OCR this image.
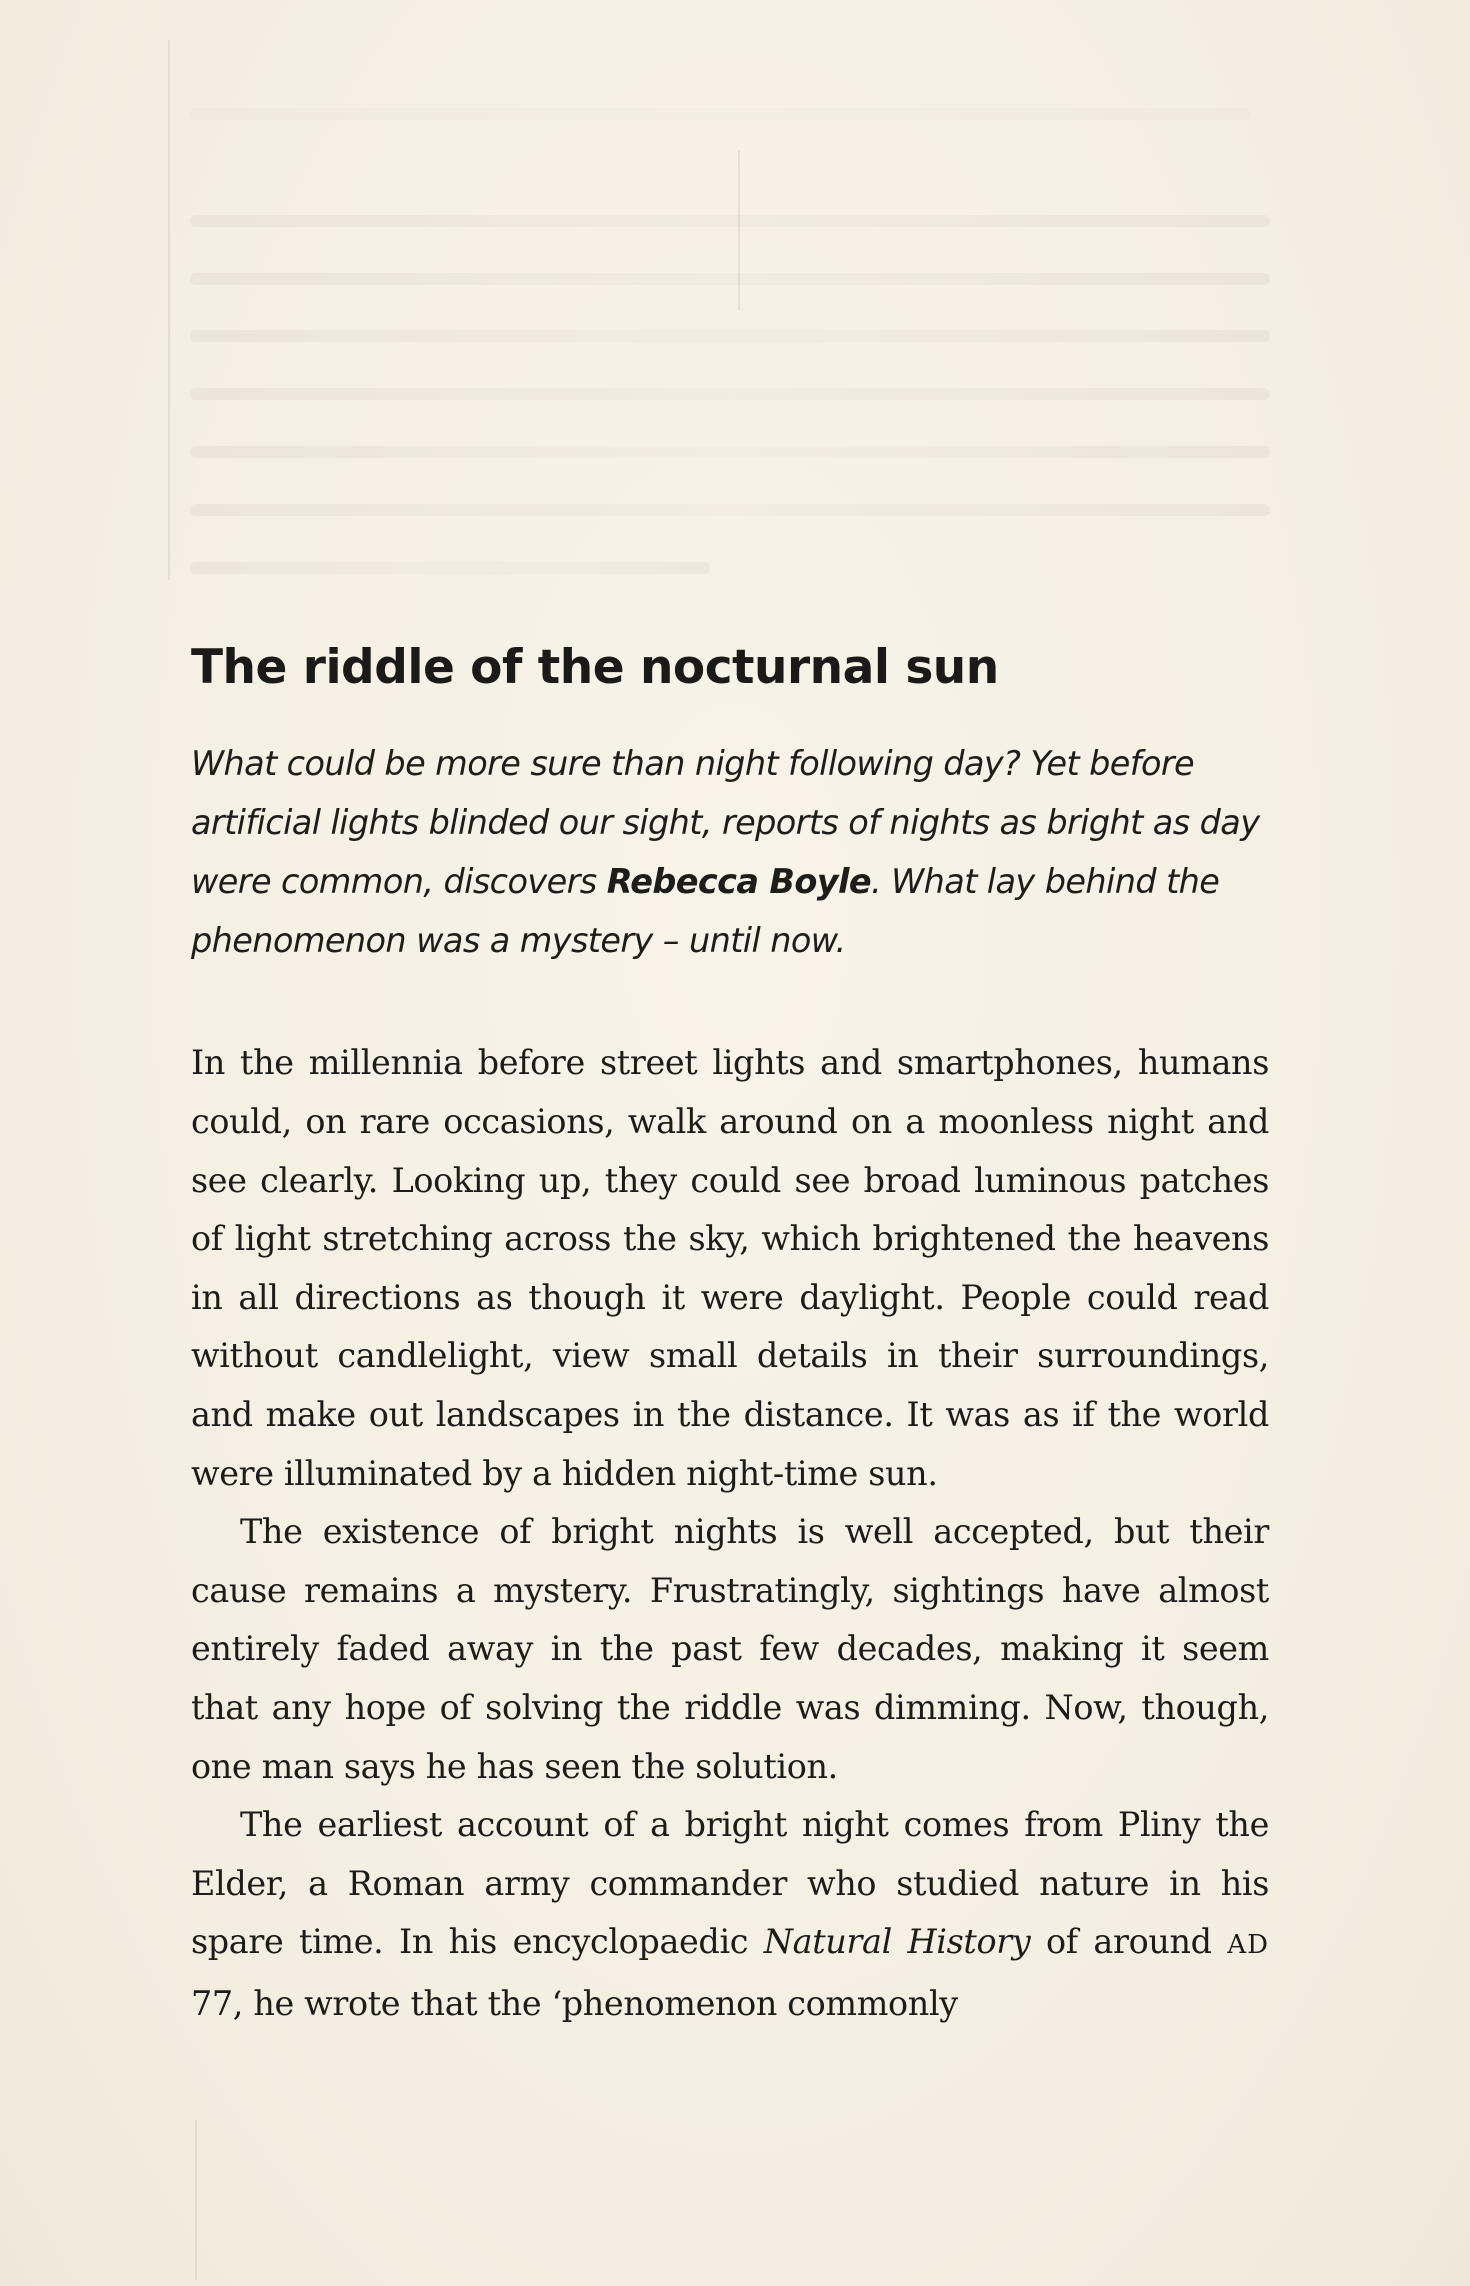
The riddle of the nocturnal sun

What could be more sure than night following day? Yet before artificial lights blinded our sight, reports of nights as bright as day were common, discovers Rebecca Boyle. What lay behind the phenomenon was a mystery – until now.

In the millennia before street lights and smartphones, humans could, on rare occasions, walk around on a moonless night and see clearly. Looking up, they could see broad luminous patches of light stretching across the sky, which brightened the heavens in all directions as though it were daylight. People could read without candlelight, view small details in their surroundings, and make out landscapes in the distance. It was as if the world were illuminated by a hidden night-time sun.

The existence of bright nights is well accepted, but their cause remains a mystery. Frustratingly, sightings have almost entirely faded away in the past few decades, making it seem that any hope of solving the riddle was dimming. Now, though, one man says he has seen the solution.

The earliest account of a bright night comes from Pliny the Elder, a Roman army commander who studied nature in his spare time. In his encyclopaedic Natural History of around AD 77, he wrote that the ‘phenomenon commonly
